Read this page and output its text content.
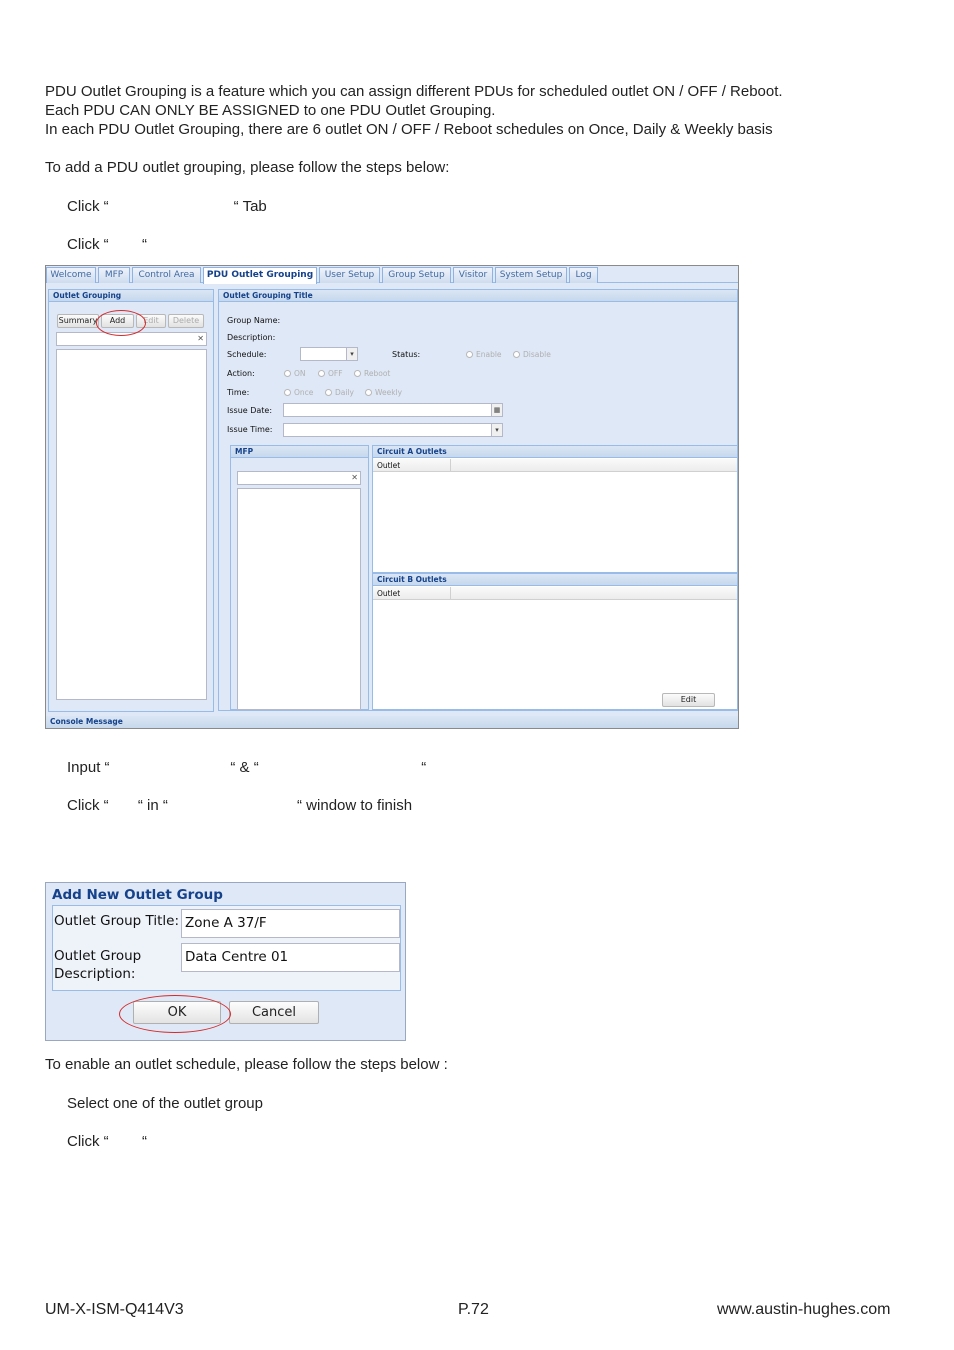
PDU Outlet Grouping is a feature which you can assign different PDUs for scheduled outlet ON / OFF / Reboot.
Each PDU CAN ONLY BE ASSIGNED to one PDU Outlet Grouping.
In each PDU Outlet Grouping, there are 6 outlet ON / OFF / Reboot schedules on Once, Daily & Weekly basis
To add a PDU outlet grouping, please follow the steps below:
Click “                              “ Tab
Click “        “
Welcome	MFP	Control Area	PDU Outlet Grouping	User Setup	Group Setup	Visitor	System Setup	Log
Outlet Grouping
Summary	Add	Edit	Delete
✕
Outlet Grouping Title
Group Name:
Description:
Schedule:	▾	Status:	Enable	Disable
Action:	ON	OFF	Reboot
Time:	Once	Daily	Weekly
Issue Date:	▦
Issue Time:	▾
MFP
✕
Circuit A Outlets
Outlet
Circuit B Outlets
Outlet
Edit
Console Message
Input “                             “ & “                                       “
Click “       “ in “                               “ window to finish
Add New Outlet Group
Outlet Group Title: Zone A 37/F
Outlet Group
Description:
Data Centre 01
OK	Cancel
To enable an outlet schedule, please follow the steps below :
Select one of the outlet group
Click “        “
UM-X-ISM-Q414V3	P.72	www.austin-hughes.com
